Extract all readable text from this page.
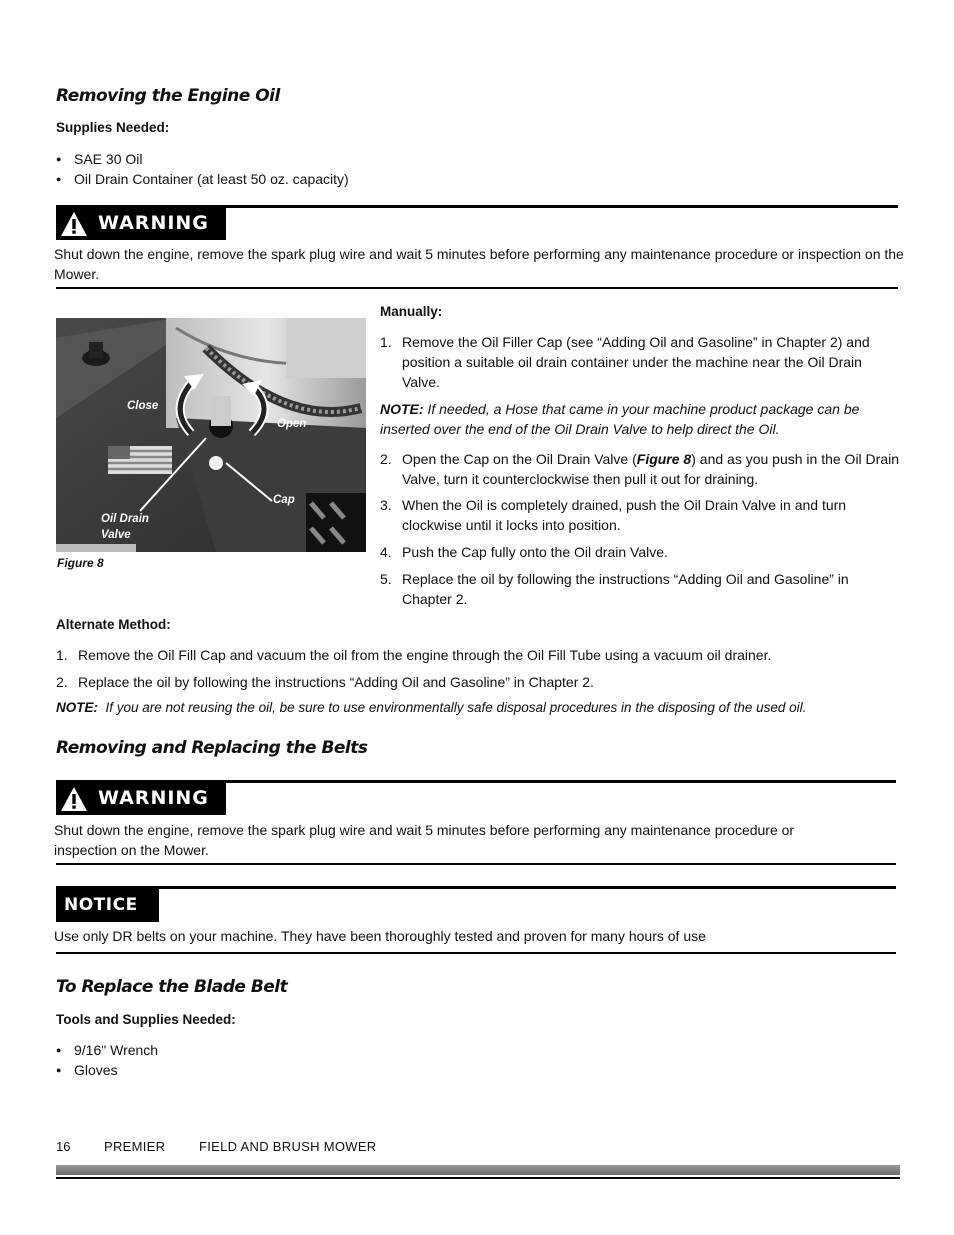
Removing the Engine Oil
Supplies Needed:
● SAE 30 Oil
● Oil Drain Container (at least 50 oz. capacity)
WARNING
Shut down the engine, remove the spark plug wire and wait 5 minutes before performing any maintenance procedure or inspection on the Mower.
Close
Open
Cap
Oil Drain
Valve
Figure 8
Manually:
1. Remove the Oil Filler Cap (see “Adding Oil and Gasoline” in Chapter 2) and position a suitable oil drain container under the machine near the Oil Drain Valve.
NOTE: If needed, a Hose that came in your machine product package can be inserted over the end of the Oil Drain Valve to help direct the Oil.
2. Open the Cap on the Oil Drain Valve (Figure 8) and as you push in the Oil Drain Valve, turn it counterclockwise then pull it out for draining.
3. When the Oil is completely drained, push the Oil Drain Valve in and turn clockwise until it locks into position.
4. Push the Cap fully onto the Oil drain Valve.
5. Replace the oil by following the instructions “Adding Oil and Gasoline” in Chapter 2.
Alternate Method:
1. Remove the Oil Fill Cap and vacuum the oil from the engine through the Oil Fill Tube using a vacuum oil drainer.
2. Replace the oil by following the instructions “Adding Oil and Gasoline” in Chapter 2.
NOTE: If you are not reusing the oil, be sure to use environmentally safe disposal procedures in the disposing of the used oil.
Removing and Replacing the Belts
WARNING
Shut down the engine, remove the spark plug wire and wait 5 minutes before performing any maintenance procedure or
inspection on the Mower.
NOTICE
Use only DR belts on your machine. They have been thoroughly tested and proven for many hours of use
To Replace the Blade Belt
Tools and Supplies Needed:
● 9/16" Wrench
● Gloves
16	PREMIER	FIELD AND BRUSH MOWER
